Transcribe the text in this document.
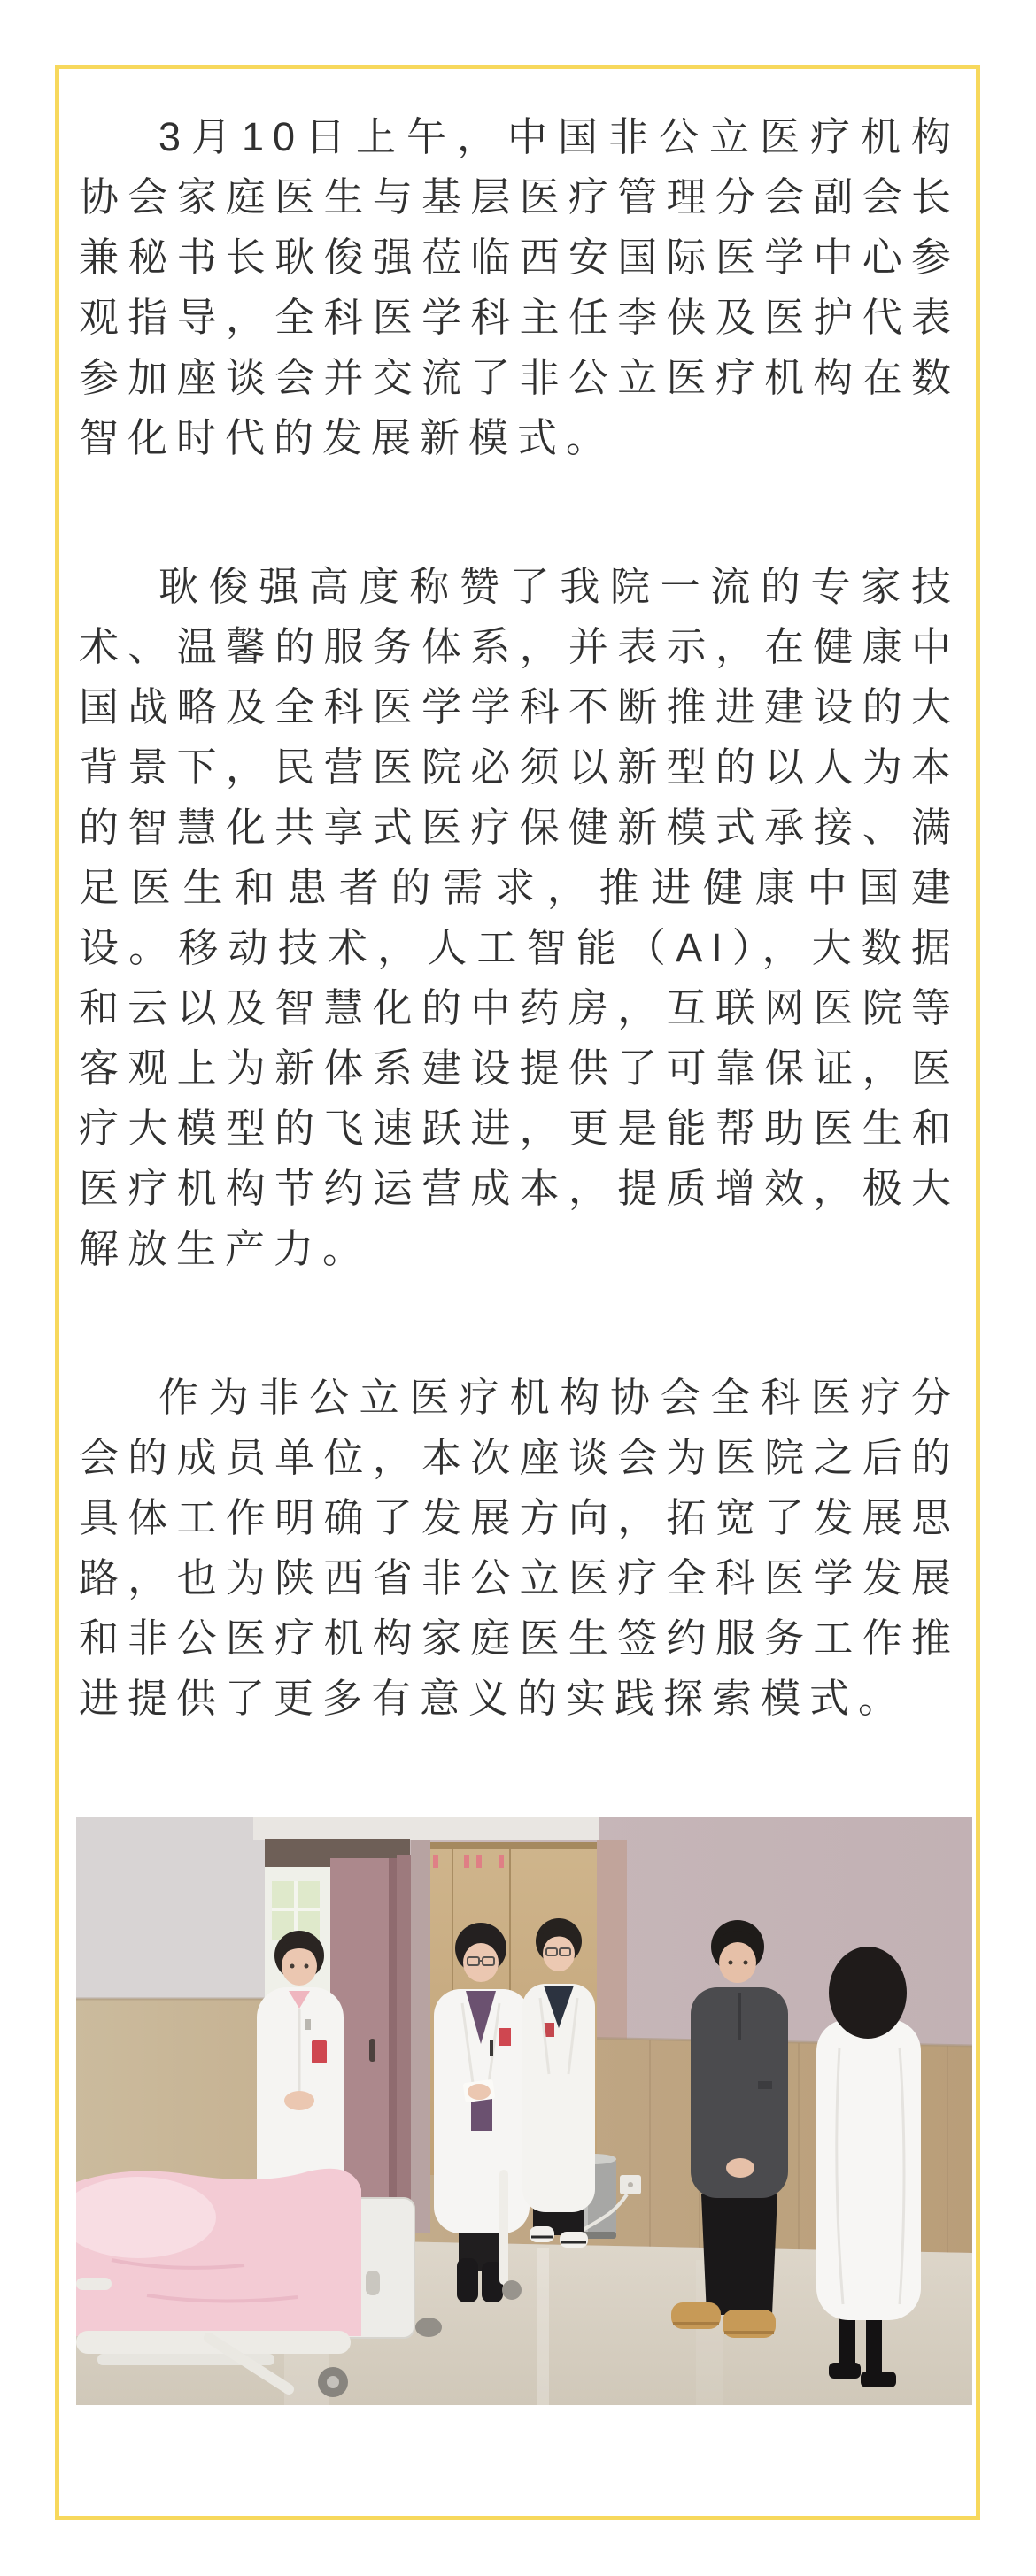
3月10日上午，中国非公立医疗机构协会家庭医生与基层医疗管理分会副会长兼秘书长耿俊强莅临西安国际医学中心参观指导，全科医学科主任李侠及医护代表参加座谈会并交流了非公立医疗机构在数智化时代的发展新模式。

耿俊强高度称赞了我院一流的专家技术、温馨的服务体系，并表示，在健康中国战略及全科医学学科不断推进建设的大背景下，民营医院必须以新型的以人为本的智慧化共享式医疗保健新模式承接、满足医生和患者的需求，推进健康中国建设。移动技术，人工智能（AI），大数据和云以及智慧化的中药房，互联网医院等客观上为新体系建设提供了可靠保证，医疗大模型的飞速跃进，更是能帮助医生和医疗机构节约运营成本，提质增效，极大解放生产力。

作为非公立医疗机构协会全科医疗分会的成员单位，本次座谈会为医院之后的具体工作明确了发展方向，拓宽了发展思路，也为陕西省非公立医疗全科医学发展和非公医疗机构家庭医生签约服务工作推进提供了更多有意义的实践探索模式。
